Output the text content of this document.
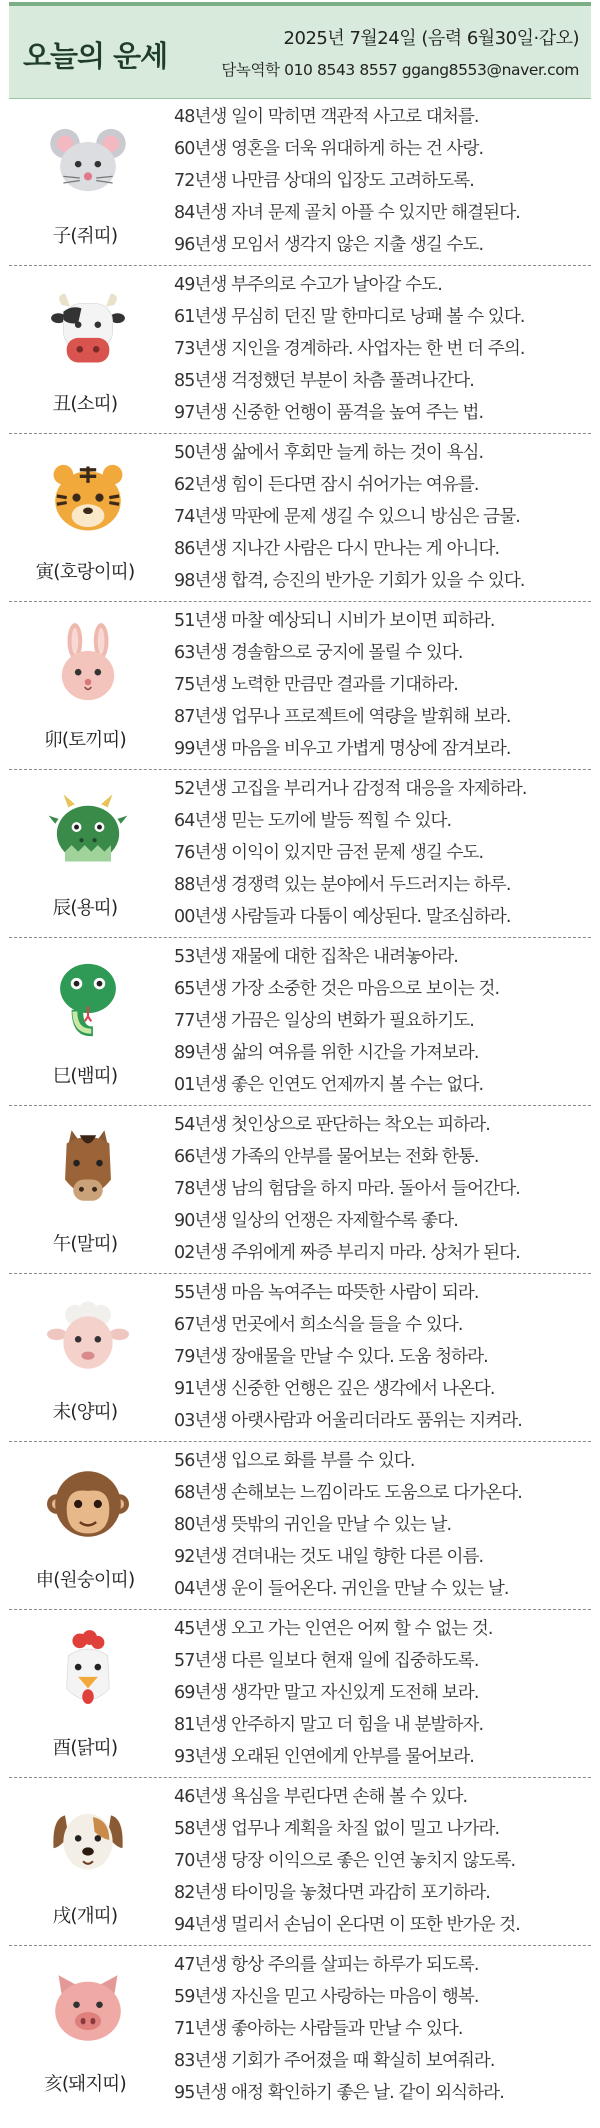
오늘의 운세
2025년 7월24일 (음력 6월30일·갑오)
담녹역학 010 8543 8557 ggang8553@naver.com
子(쥐띠)
48년생 일이 막히면 객관적 사고로 대처를.
60년생 영혼을 더욱 위대하게 하는 건 사랑.
72년생 나만큼 상대의 입장도 고려하도록.
84년생 자녀 문제 골치 아플 수 있지만 해결된다.
96년생 모임서 생각지 않은 지출 생길 수도.
丑(소띠)
49년생 부주의로 수고가 날아갈 수도.
61년생 무심히 던진 말 한마디로 낭패 볼 수 있다.
73년생 지인을 경계하라. 사업자는 한 번 더 주의.
85년생 걱정했던 부분이 차츰 풀려나간다.
97년생 신중한 언행이 품격을 높여 주는 법.
寅(호랑이띠)
50년생 삶에서 후회만 늘게 하는 것이 욕심.
62년생 힘이 든다면 잠시 쉬어가는 여유를.
74년생 막판에 문제 생길 수 있으니 방심은 금물.
86년생 지나간 사람은 다시 만나는 게 아니다.
98년생 합격, 승진의 반가운 기회가 있을 수 있다.
卯(토끼띠)
51년생 마찰 예상되니 시비가 보이면 피하라.
63년생 경솔함으로 궁지에 몰릴 수 있다.
75년생 노력한 만큼만 결과를 기대하라.
87년생 업무나 프로젝트에 역량을 발휘해 보라.
99년생 마음을 비우고 가볍게 명상에 잠겨보라.
辰(용띠)
52년생 고집을 부리거나 감정적 대응을 자제하라.
64년생 믿는 도끼에 발등 찍힐 수 있다.
76년생 이익이 있지만 금전 문제 생길 수도.
88년생 경쟁력 있는 분야에서 두드러지는 하루.
00년생 사람들과 다툼이 예상된다. 말조심하라.
巳(뱀띠)
53년생 재물에 대한 집착은 내려놓아라.
65년생 가장 소중한 것은 마음으로 보이는 것.
77년생 가끔은 일상의 변화가 필요하기도.
89년생 삶의 여유를 위한 시간을 가져보라.
01년생 좋은 인연도 언제까지 볼 수는 없다.
午(말띠)
54년생 첫인상으로 판단하는 착오는 피하라.
66년생 가족의 안부를 물어보는 전화 한통.
78년생 남의 험담을 하지 마라. 돌아서 들어간다.
90년생 일상의 언쟁은 자제할수록 좋다.
02년생 주위에게 짜증 부리지 마라. 상처가 된다.
未(양띠)
55년생 마음 녹여주는 따뜻한 사람이 되라.
67년생 먼곳에서 희소식을 들을 수 있다.
79년생 장애물을 만날 수 있다. 도움 청하라.
91년생 신중한 언행은 깊은 생각에서 나온다.
03년생 아랫사람과 어울리더라도 품위는 지켜라.
申(원숭이띠)
56년생 입으로 화를 부를 수 있다.
68년생 손해보는 느낌이라도 도움으로 다가온다.
80년생 뜻밖의 귀인을 만날 수 있는 날.
92년생 견뎌내는 것도 내일 향한 다른 이름.
04년생 운이 들어온다. 귀인을 만날 수 있는 날.
酉(닭띠)
45년생 오고 가는 인연은 어찌 할 수 없는 것.
57년생 다른 일보다 현재 일에 집중하도록.
69년생 생각만 말고 자신있게 도전해 보라.
81년생 안주하지 말고 더 힘을 내 분발하자.
93년생 오래된 인연에게 안부를 물어보라.
戌(개띠)
46년생 욕심을 부린다면 손해 볼 수 있다.
58년생 업무나 계획을 차질 없이 밀고 나가라.
70년생 당장 이익으로 좋은 인연 놓치지 않도록.
82년생 타이밍을 놓쳤다면 과감히 포기하라.
94년생 멀리서 손님이 온다면 이 또한 반가운 것.
亥(돼지띠)
47년생 항상 주의를 살피는 하루가 되도록.
59년생 자신을 믿고 사랑하는 마음이 행복.
71년생 좋아하는 사람들과 만날 수 있다.
83년생 기회가 주어졌을 때 확실히 보여줘라.
95년생 애정 확인하기 좋은 날. 같이 외식하라.
